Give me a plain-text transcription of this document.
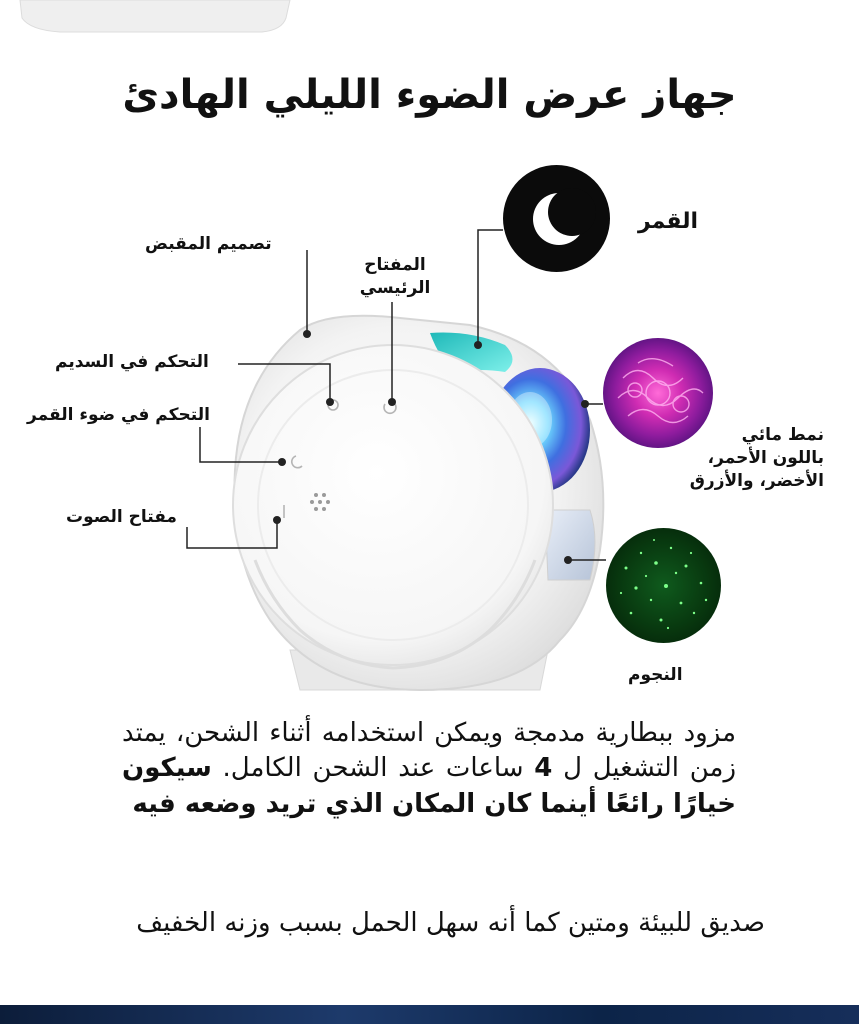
جهاز عرض الضوء الليلي الهادئ
تصميم المقبض
المفتاح
الرئيسي
التحكم في السديم
التحكم في ضوء القمر
مفتاح الصوت
القمر
نمط مائي
باللون الأحمر،
الأخضر، والأزرق
النجوم
مزود ببطارية مدمجة ويمكن استخدامه أثناء الشحن، يمتد زمن التشغيل ل 4 ساعات عند الشحن الكامل. سيكون خيارًا رائعًا أينما كان المكان الذي تريد وضعه فيه
صديق للبيئة ومتين كما أنه سهل الحمل بسبب وزنه الخفيف
